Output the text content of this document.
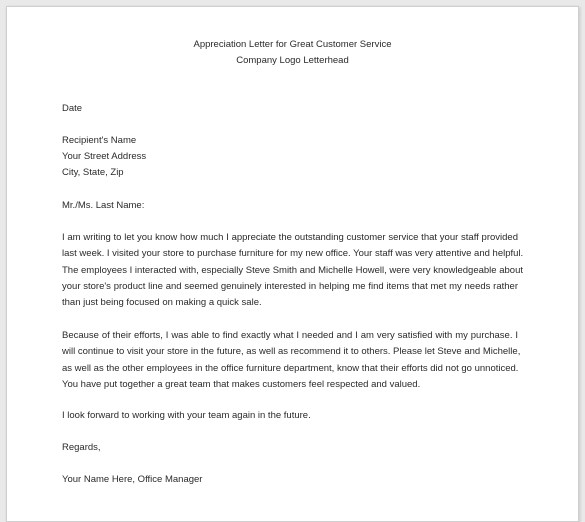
Appreciation Letter for Great Customer Service
Company Logo Letterhead
Date
Recipient's Name
Your Street Address
City, State, Zip
Mr./Ms. Last Name:
I am writing to let you know how much I appreciate the outstanding customer service that your staff provided
last week. I visited your store to purchase furniture for my new office. Your staff was very attentive and helpful.
The employees I interacted with, especially Steve Smith and Michelle Howell, were very knowledgeable about
your store's product line and seemed genuinely interested in helping me find items that met my needs rather
than just being focused on making a quick sale.
Because of their efforts, I was able to find exactly what I needed and I am very satisfied with my purchase. I
will continue to visit your store in the future, as well as recommend it to others. Please let Steve and Michelle,
as well as the other employees in the office furniture department, know that their efforts did not go unnoticed.
You have put together a great team that makes customers feel respected and valued.
I look forward to working with your team again in the future.
Regards,
Your Name Here, Office Manager
